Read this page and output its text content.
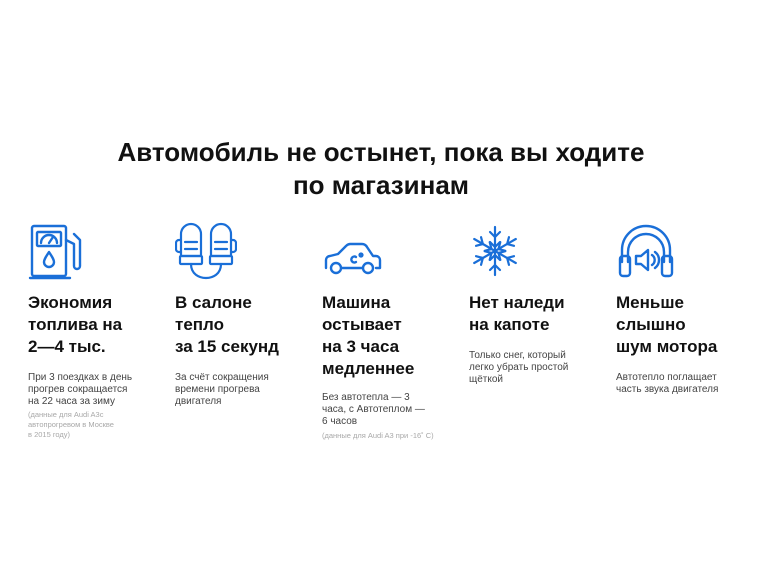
Автомобиль не остынет, пока вы ходите
по магазинам
Экономия
топлива на
2—4 тыс.
При 3 поездках в день
прогрев сокращается
на 22 часа за зиму
(данные для Audi A3с
автопрогревом в Москве
в 2015 году)
В салоне
тепло
за 15 секунд
За счёт сокращения
времени прогрева
двигателя
Машина
остывает
на 3 часа
медленнее
Без автотепла — 3
часа, с Автотеплом —
6 часов
(данные для Audi A3 при -16˚ С)
Нет наледи
на капоте
Только снег, который
легко убрать простой
щёткой
Меньше
слышно
шум мотора
Автотепло поглащает
часть звука двигателя
